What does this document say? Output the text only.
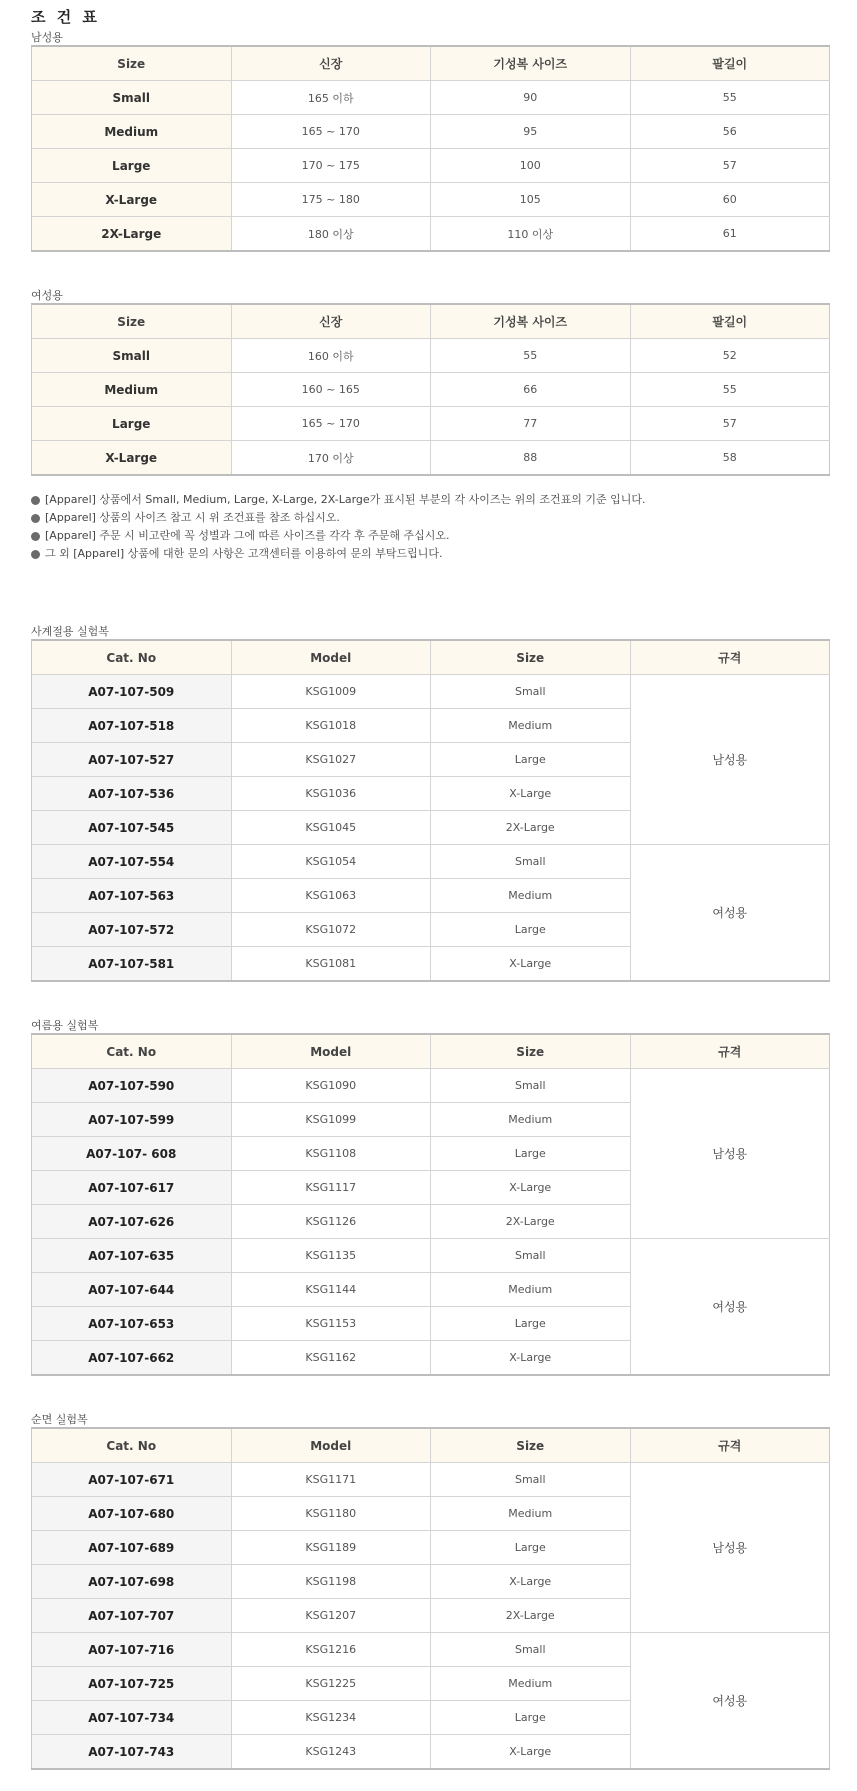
조 건 표
남성용
Size	신장	기성복 사이즈	팔길이
Small	165 이하	90	55
Medium	165 ~ 170	95	56
Large	170 ~ 175	100	57
X-Large	175 ~ 180	105	60
2X-Large	180 이상	110 이상	61
여성용
Size	신장	기성복 사이즈	팔길이
Small	160 이하	55	52
Medium	160 ~ 165	66	55
Large	165 ~ 170	77	57
X-Large	170 이상	88	58
[Apparel] 상품에서 Small, Medium, Large, X-Large, 2X-Large가 표시된 부분의 각 사이즈는 위의 조건표의 기준 입니다.
[Apparel] 상품의 사이즈 참고 시 위 조건표를 참조 하십시오.
[Apparel] 주문 시 비고란에 꼭 성별과 그에 따른 사이즈를 각각 후 주문해 주십시오.
그 외 [Apparel] 상품에 대한 문의 사항은 고객센터를 이용하여 문의 부탁드립니다.
사계절용 실험복
Cat. No	Model	Size	규격
A07-107-509	KSG1009	Small	남성용
A07-107-518	KSG1018	Medium	
A07-107-527	KSG1027	Large	
A07-107-536	KSG1036	X-Large	
A07-107-545	KSG1045	2X-Large	
A07-107-554	KSG1054	Small	여성용
A07-107-563	KSG1063	Medium	
A07-107-572	KSG1072	Large	
A07-107-581	KSG1081	X-Large	
여름용 실험복
Cat. No	Model	Size	규격
A07-107-590	KSG1090	Small	남성용
A07-107-599	KSG1099	Medium	
A07-107- 608	KSG1108	Large	
A07-107-617	KSG1117	X-Large	
A07-107-626	KSG1126	2X-Large	
A07-107-635	KSG1135	Small	여성용
A07-107-644	KSG1144	Medium	
A07-107-653	KSG1153	Large	
A07-107-662	KSG1162	X-Large	
순면 실험복
Cat. No	Model	Size	규격
A07-107-671	KSG1171	Small	남성용
A07-107-680	KSG1180	Medium	
A07-107-689	KSG1189	Large	
A07-107-698	KSG1198	X-Large	
A07-107-707	KSG1207	2X-Large	
A07-107-716	KSG1216	Small	여성용
A07-107-725	KSG1225	Medium	
A07-107-734	KSG1234	Large	
A07-107-743	KSG1243	X-Large	
